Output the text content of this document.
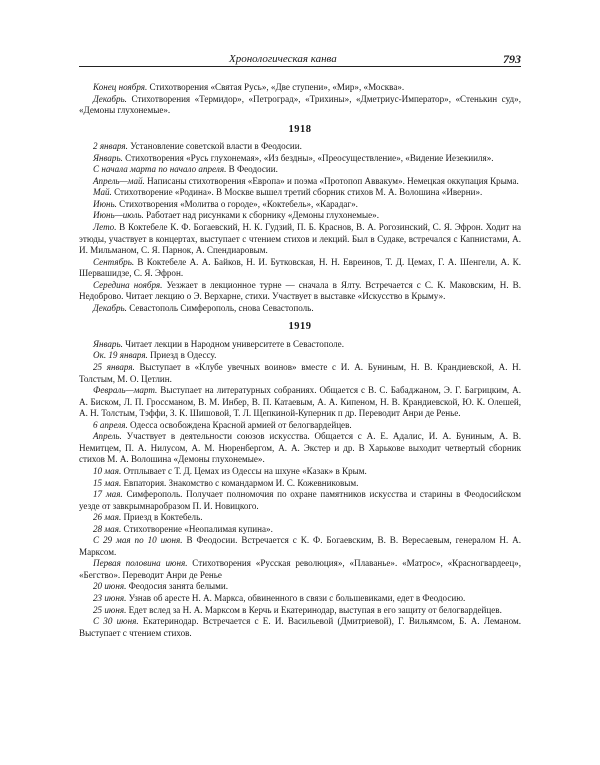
Хронологическая канва	793

Конец ноября. Стихотворения «Святая Русь», «Две ступени», «Мир», «Москва».

Декабрь. Стихотворения «Термидор», «Петроград», «Трихины», «Дметриус-Император», «Стенькин суд», «Демоны глухонемые».

1918

2 января. Установление советской власти в Феодосии.

Январь. Стихотворения «Русь глухонемая», «Из бездны», «Преосуществление», «Видение Иезекииля».

С начала марта по начало апреля. В Феодосии.

Апрель—май. Написаны стихотворения «Европа» и поэма «Протопоп Аввакум». Немецкая оккупация Крыма.

Май. Стихотворение «Родина». В Москве вышел третий сборник стихов М. А. Волошина «Иверни».

Июнь. Стихотворения «Молитва о городе», «Коктебель», «Карадаг».

Июнь—июль. Работает над рисунками к сборнику «Демоны глухонемые».

Лето. В Коктебеле К. Ф. Богаевский, Н. К. Гудзий, П. Б. Краснов, В. А. Рогозинский, С. Я. Эфрон. Ходит на этюды, участвует в концертах, выступает с чтением стихов и лекций. Был в Судаке, встречался с Капнистами, А. И. Мильманом, С. Я. Парнок, А. Спендиаровым.

Сентябрь. В Коктебеле А. А. Байков, Н. И. Бутковская, Н. Н. Евреинов, Т. Д. Цемах, Г. А. Шенгели, А. К. Шервашидзе, С. Я. Эфрон.

Середина ноября. Уезжает в лекционное турне — сначала в Ялту. Встречается с С. К. Маковским, Н. В. Недоброво. Читает лекцию о Э. Верхарне, стихи. Участвует в выставке «Искусство в Крыму».

Декабрь. Севастополь Симферополь, снова Севастополь.

1919

Январь. Читает лекции в Народном университете в Севастополе.

Ок. 19 января. Приезд в Одессу.

25 января. Выступает в «Клубе увечных воинов» вместе с И. А. Буниным, Н. В. Крандиевской, А. Н. Толстым, М. О. Цетлин.

Февраль—март. Выступает на литературных собраниях. Общается с В. С. Бабаджаном, Э. Г. Багрицким, А. А. Биском, Л. П. Гроссманом, В. М. Инбер, В. П. Катаевым, А. А. Кипеном, Н. В. Крандиевской, Ю. К. Олешей, А. Н. Толстым, Тэффи, З. К. Шишовой, Т. Л. Щепкиной-Куперник п др. Переводит Анри де Ренье.

6 апреля. Одесса освобождена Красной армией от белогвардейцев.

Апрель. Участвует в деятельности союзов искусства. Общается с А. Е. Адалис, И. А. Буниным, А. В. Немитцем, П. А. Нилусом, А. М. Нюренбергом, А. А. Экстер и др. В Харькове выходит четвертый сборник стихов М. А. Волошина «Демоны глухонемые».

10 мая. Отплывает с Т. Д. Цемах из Одессы на шхуне «Казак» в Крым.

15 мая. Евпатория. Знакомство с командармом И. С. Кожевниковым.

17 мая. Симферополь. Получает полномочия по охране памятников искусства и старины в Феодосийском уезде от завкрымнаробразом П. И. Новицкого.

26 мая. Приезд в Коктебель.

28 мая. Стихотворение «Неопалимая купина».

С 29 мая по 10 июня. В Феодосии. Встречается с К. Ф. Богаевским, В. В. Вересаевым, генералом Н. А. Марксом.

Первая половина июня. Стихотворения «Русская революция», «Плаванье». «Матрос», «Красногвардеец», «Бегство». Переводит Анри де Ренье

20 июня. Феодосия занята белыми.

23 июня. Узнав об аресте Н. А. Маркса, обвиненного в связи с большевиками, едет в Феодосию.

25 июня. Едет вслед за Н. А. Марксом в Керчь и Екатеринодар, выступая в его защиту от белогвардейцев.

С 30 июня. Екатеринодар. Встречается с Е. И. Васильевой (Дмитриевой), Г. Вильямсом, Б. А. Леманом. Выступает с чтением стихов.
